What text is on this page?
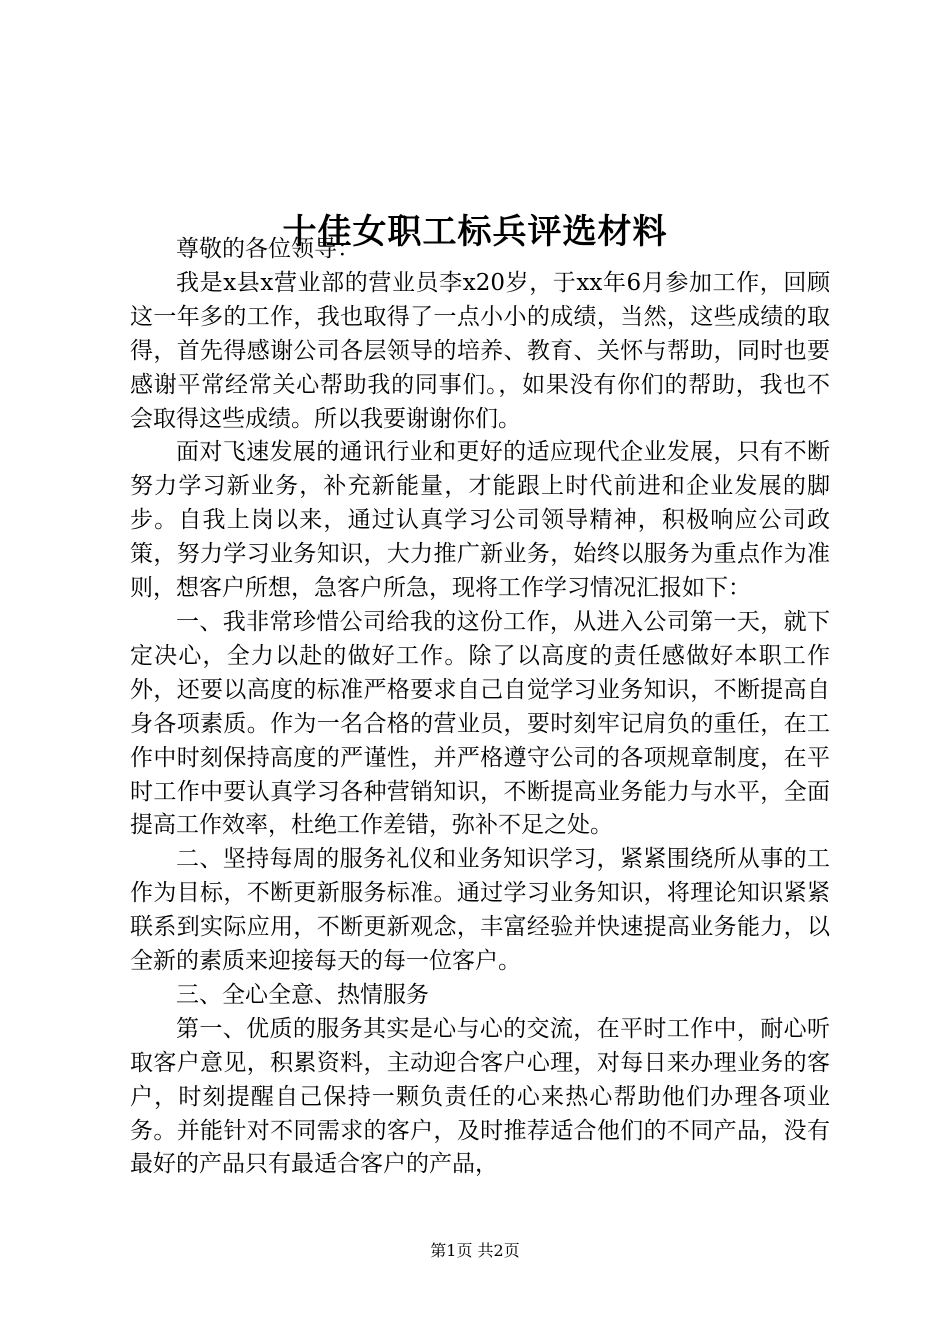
十佳女职工标兵评选材料

尊敬的各位领导：

我是x县x营业部的营业员李x20岁，于xx年6月参加工作，回顾这一年多的工作，我也取得了一点小小的成绩，当然，这些成绩的取得，首先得感谢公司各层领导的培养、教育、关怀与帮助，同时也要感谢平常经常关心帮助我的同事们。，如果没有你们的帮助，我也不会取得这些成绩。所以我要谢谢你们。

面对飞速发展的通讯行业和更好的适应现代企业发展，只有不断努力学习新业务，补充新能量，才能跟上时代前进和企业发展的脚步。自我上岗以来，通过认真学习公司领导精神，积极响应公司政策，努力学习业务知识，大力推广新业务，始终以服务为重点作为准则，想客户所想，急客户所急，现将工作学习情况汇报如下：

一、我非常珍惜公司给我的这份工作，从进入公司第一天，就下定决心，全力以赴的做好工作。除了以高度的责任感做好本职工作外，还要以高度的标准严格要求自己自觉学习业务知识，不断提高自身各项素质。作为一名合格的营业员，要时刻牢记肩负的重任，在工作中时刻保持高度的严谨性，并严格遵守公司的各项规章制度，在平时工作中要认真学习各种营销知识，不断提高业务能力与水平，全面提高工作效率，杜绝工作差错，弥补不足之处。

二、坚持每周的服务礼仪和业务知识学习，紧紧围绕所从事的工作为目标，不断更新服务标准。通过学习业务知识，将理论知识紧紧联系到实际应用，不断更新观念，丰富经验并快速提高业务能力，以全新的素质来迎接每天的每一位客户。

三、全心全意、热情服务

第一、优质的服务其实是心与心的交流，在平时工作中，耐心听取客户意见，积累资料，主动迎合客户心理，对每日来办理业务的客户，时刻提醒自己保持一颗负责任的心来热心帮助他们办理各项业务。并能针对不同需求的客户，及时推荐适合他们的不同产品，没有最好的产品只有最适合客户的产品，

第1页 共2页
